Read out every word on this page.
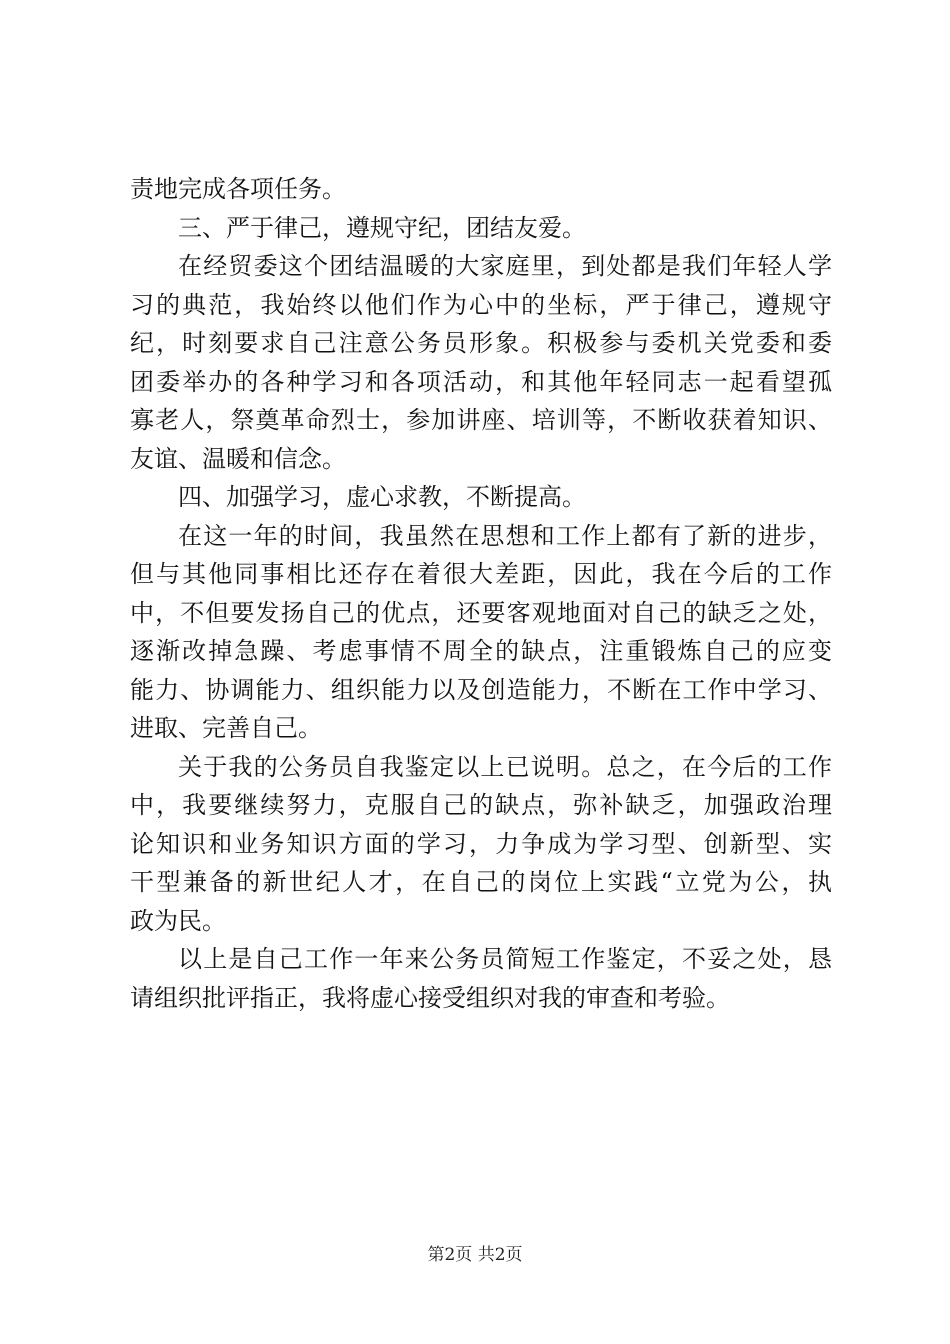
责地完成各项任务。
三、严于律己，遵规守纪，团结友爱。
在经贸委这个团结温暖的大家庭里，到处都是我们年轻人学
习的典范，我始终以他们作为心中的坐标，严于律己，遵规守
纪，时刻要求自己注意公务员形象。积极参与委机关党委和委
团委举办的各种学习和各项活动，和其他年轻同志一起看望孤
寡老人，祭奠革命烈士，参加讲座、培训等，不断收获着知识、
友谊、温暖和信念。
四、加强学习，虚心求教，不断提高。
在这一年的时间，我虽然在思想和工作上都有了新的进步，
但与其他同事相比还存在着很大差距，因此，我在今后的工作
中，不但要发扬自己的优点，还要客观地面对自己的缺乏之处，
逐渐改掉急躁、考虑事情不周全的缺点，注重锻炼自己的应变
能力、协调能力、组织能力以及创造能力，不断在工作中学习、
进取、完善自己。
关于我的公务员自我鉴定以上已说明。总之，在今后的工作
中，我要继续努力，克服自己的缺点，弥补缺乏，加强政治理
论知识和业务知识方面的学习，力争成为学习型、创新型、实
干型兼备的新世纪人才，在自己的岗位上实践“立党为公，执
政为民。
以上是自己工作一年来公务员简短工作鉴定，不妥之处，恳
请组织批评指正，我将虚心接受组织对我的审查和考验。
第2页 共2页
